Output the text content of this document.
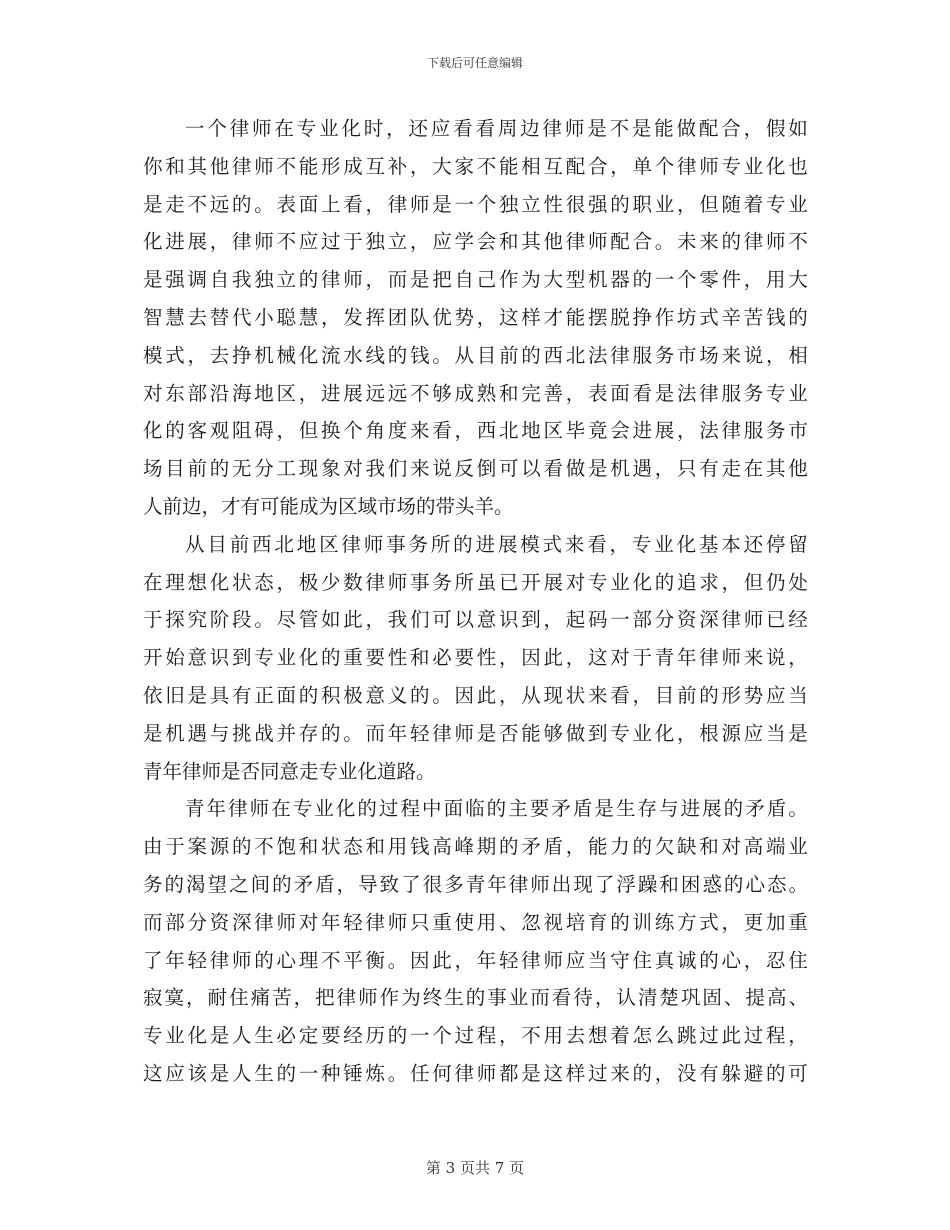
下载后可任意编辑
一 个 律 师 在 专 业 化 时 ， 还 应 看 看 周 边 律 师 是 不 是 能 做 配 合 ， 假 如
你 和 其 他 律 师 不 能 形 成 互 补 ， 大 家 不 能 相 互 配 合 ， 单 个 律 师 专 业 化 也
是 走 不 远 的 。 表 面 上 看 ， 律 师 是 一 个 独 立 性 很 强 的 职 业 ， 但 随 着 专 业
化 进 展 ， 律 师 不 应 过 于 独 立 ， 应 学 会 和 其 他 律 师 配 合 。 未 来 的 律 师 不
是 强 调 自 我 独 立 的 律 师 ， 而 是 把 自 己 作 为 大 型 机 器 的 一 个 零 件 ， 用 大
智 慧 去 替 代 小 聪 慧 ， 发 挥 团 队 优 势 ， 这 样 才 能 摆 脱 挣 作 坊 式 辛 苦 钱 的
模 式 ， 去 挣 机 械 化 流 水 线 的 钱 。 从 目 前 的 西 北 法 律 服 务 市 场 来 说 ， 相
对 东 部 沿 海 地 区 ， 进 展 远 远 不 够 成 熟 和 完 善 ， 表 面 看 是 法 律 服 务 专 业
化 的 客 观 阻 碍 ， 但 换 个 角 度 来 看 ， 西 北 地 区 毕 竟 会 进 展 ， 法 律 服 务 市
场 目 前 的 无 分 工 现 象 对 我 们 来 说 反 倒 可 以 看 做 是 机 遇 ， 只 有 走 在 其 他
人前边，才有可能成为区域市场的带头羊。
从 目 前 西 北 地 区 律 师 事 务 所 的 进 展 模 式 来 看 ， 专 业 化 基 本 还 停 留
在 理 想 化 状 态 ， 极 少 数 律 师 事 务 所 虽 已 开 展 对 专 业 化 的 追 求 ， 但 仍 处
于 探 究 阶 段 。 尽 管 如 此 ， 我 们 可 以 意 识 到 ， 起 码 一 部 分 资 深 律 师 已 经
开 始 意 识 到 专 业 化 的 重 要 性 和 必 要 性 ， 因 此 ， 这 对 于 青 年 律 师 来 说 ，
依 旧 是 具 有 正 面 的 积 极 意 义 的 。 因 此 ， 从 现 状 来 看 ， 目 前 的 形 势 应 当
是 机 遇 与 挑 战 并 存 的 。 而 年 轻 律 师 是 否 能 够 做 到 专 业 化 ， 根 源 应 当 是
青年律师是否同意走专业化道路。
青 年 律 师 在 专 业 化 的 过 程 中 面 临 的 主 要 矛 盾 是 生 存 与 进 展 的 矛 盾 。
由 于 案 源 的 不 饱 和 状 态 和 用 钱 高 峰 期 的 矛 盾 ， 能 力 的 欠 缺 和 对 高 端 业
务 的 渴 望 之 间 的 矛 盾 ， 导 致 了 很 多 青 年 律 师 出 现 了 浮 躁 和 困 惑 的 心 态 。
而 部 分 资 深 律 师 对 年 轻 律 师 只 重 使 用 、 忽 视 培 育 的 训 练 方 式 ， 更 加 重
了 年 轻 律 师 的 心 理 不 平 衡 。 因 此 ， 年 轻 律 师 应 当 守 住 真 诚 的 心 ， 忍 住
寂 寞 ， 耐 住 痛 苦 ， 把 律 师 作 为 终 生 的 事 业 而 看 待 ， 认 清 楚 巩 固 、 提 高 、
专 业 化 是 人 生 必 定 要 经 历 的 一 个 过 程 ， 不 用 去 想 着 怎 么 跳 过 此 过 程 ，
这 应 该 是 人 生 的 一 种 锤 炼 。 任 何 律 师 都 是 这 样 过 来 的 ， 没 有 躲 避 的 可
第 3 页共 7 页
